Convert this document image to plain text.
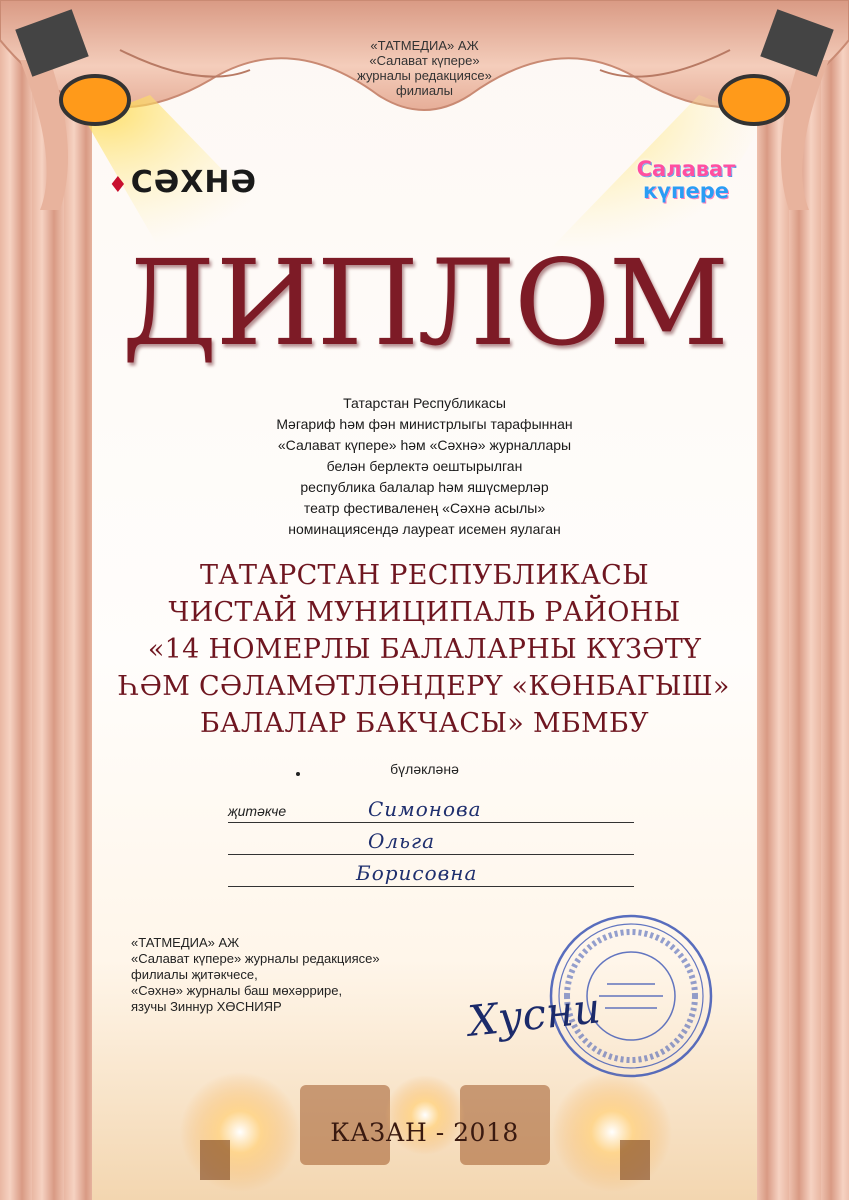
«ТАТМЕДИА» АЖ
«Салават күпере»
журналы редакциясе»
филиалы
♦СӘХНӘ	Салават
күпере
ДИПЛОМ
Татарстан Республикасы
Мәгариф һәм фән министрлыгы тарафыннан
«Салават күпере» һәм «Сәхнә» журналлары
белән берлектә оештырылган
республика балалар һәм яшүсмерләр
театр фестиваленең «Сәхнә асылы»
номинациясендә лауреат исемен яулаган
ТАТАРСТАН РЕСПУБЛИКАСЫ
ЧИСТАЙ МУНИЦИПАЛЬ РАЙОНЫ
«14 НОМЕРЛЫ БАЛАЛАРНЫ КҮЗӘТҮ
ҺӘМ СӘЛАМӘТЛӘНДЕРҮ «КӨНБАГЫШ»
БАЛАЛАР БАКЧАСЫ» МБМБУ
бүләкләнә
җитәкче	Симонова
Ольга
Борисовна
«ТАТМЕДИА» АЖ
«Салават күпере» журналы редакциясе»
филиалы җитәкчесе,
«Сәхнә» журналы баш мөхәррире,
язучы Зиннур ХӨСНИЯР	Хусни
КАЗАН - 2018
